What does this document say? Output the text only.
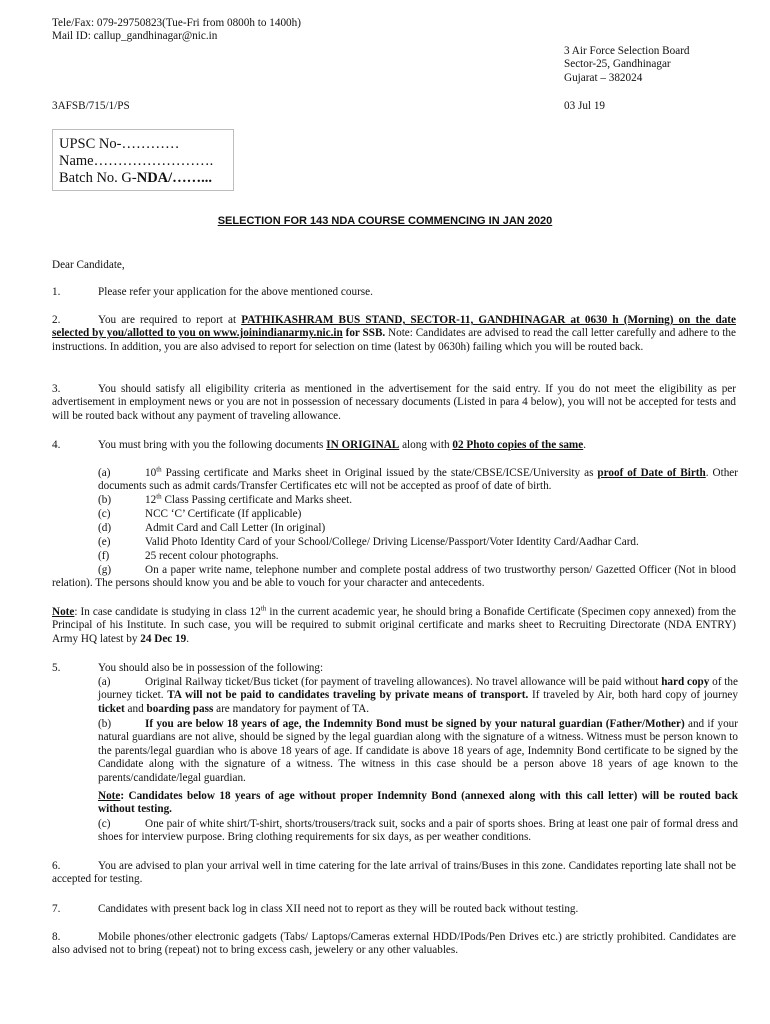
Tele/Fax: 079-29750823(Tue-Fri from 0800h to 1400h)
Mail ID: callup_gandhinagar@nic.in
3 Air Force Selection Board
Sector-25, Gandhinagar
Gujarat – 382024
3AFSB/715/1/PS	03 Jul 19
UPSC No-…………
Name…………………….
Batch No. G-NDA/……...
SELECTION FOR 143 NDA COURSE COMMENCING IN JAN 2020
Dear Candidate,
1.	Please refer your application for the above mentioned course.
2.	You are required to report at PATHIKASHRAM BUS STAND, SECTOR-11, GANDHINAGAR at 0630 h (Morning) on the date selected by you/allotted to you on www.joinindianarmy.nic.in for SSB. Note: Candidates are advised to read the call letter carefully and adhere to the instructions. In addition, you are also advised to report for selection on time (latest by 0630h) failing which you will be routed back.
3.	You should satisfy all eligibility criteria as mentioned in the advertisement for the said entry. If you do not meet the eligibility as per advertisement in employment news or you are not in possession of necessary documents (Listed in para 4 below), you will not be accepted for tests and will be routed back without any payment of traveling allowance.
4.	You must bring with you the following documents IN ORIGINAL along with 02 Photo copies of the same.
(a)	10th Passing certificate and Marks sheet in Original issued by the state/CBSE/ICSE/University as proof of Date of Birth. Other documents such as admit cards/Transfer Certificates etc will not be accepted as proof of date of birth.
(b)	12th Class Passing certificate and Marks sheet.
(c)	NCC ‘C’ Certificate (If applicable)
(d)	Admit Card and Call Letter (In original)
(e)	Valid Photo Identity Card of your School/College/ Driving License/Passport/Voter Identity Card/Aadhar Card.
(f)	25 recent colour photographs.
(g)	On a paper write name, telephone number and complete postal address of two trustworthy person/ Gazetted Officer (Not in blood relation). The persons should know you and be able to vouch for your character and antecedents.
Note: In case candidate is studying in class 12th in the current academic year, he should bring a Bonafide Certificate (Specimen copy annexed) from the Principal of his Institute. In such case, you will be required to submit original certificate and marks sheet to Recruiting Directorate (NDA ENTRY) Army HQ latest by 24 Dec 19.
5.	You should also be in possession of the following:
(a)	Original Railway ticket/Bus ticket (for payment of traveling allowances). No travel allowance will be paid without hard copy of the journey ticket. TA will not be paid to candidates traveling by private means of transport. If traveled by Air, both hard copy of journey ticket and boarding pass are mandatory for payment of TA.
(b)	If you are below 18 years of age, the Indemnity Bond must be signed by your natural guardian (Father/Mother) and if your natural guardians are not alive, should be signed by the legal guardian along with the signature of a witness. Witness must be person known to the parents/legal guardian who is above 18 years of age. If candidate is above 18 years of age, Indemnity Bond certificate to be signed by the Candidate along with the signature of a witness. The witness in this case should be a person above 18 years of age known to the parents/candidate/legal guardian.
Note: Candidates below 18 years of age without proper Indemnity Bond (annexed along with this call letter) will be routed back without testing.
(c)	One pair of white shirt/T-shirt, shorts/trousers/track suit, socks and a pair of sports shoes. Bring at least one pair of formal dress and shoes for interview purpose. Bring clothing requirements for six days, as per weather conditions.
6.	You are advised to plan your arrival well in time catering for the late arrival of trains/Buses in this zone. Candidates reporting late shall not be accepted for testing.
7.	Candidates with present back log in class XII need not to report as they will be routed back without testing.
8.	Mobile phones/other electronic gadgets (Tabs/ Laptops/Cameras external HDD/IPods/Pen Drives etc.) are strictly prohibited. Candidates are also advised not to bring (repeat) not to bring excess cash, jewelery or any other valuables.
